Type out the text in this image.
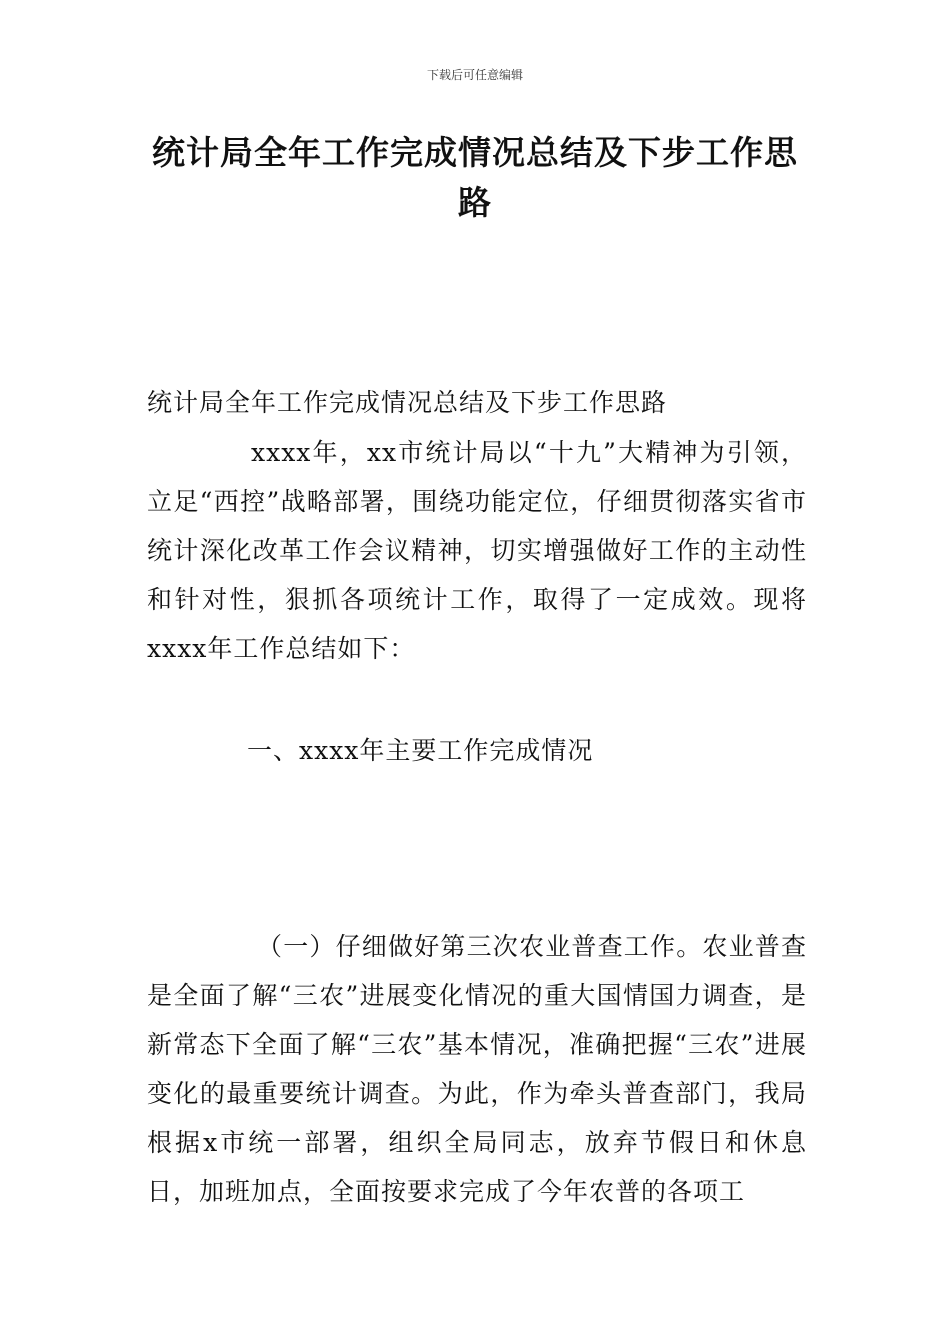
下载后可任意编辑
统计局全年工作完成情况总结及下步工作思路
统计局全年工作完成情况总结及下步工作思路
xxxx年，xx市统计局以“十九”大精神为引领，立足“西控”战略部署，围绕功能定位，仔细贯彻落实省市统计深化改革工作会议精神，切实增强做好工作的主动性和针对性，狠抓各项统计工作，取得了一定成效。现将xxxx年工作总结如下：
一、xxxx年主要工作完成情况
（一）仔细做好第三次农业普查工作。农业普查是全面了解“三农”进展变化情况的重大国情国力调查，是新常态下全面了解“三农”基本情况，准确把握“三农”进展变化的最重要统计调查。为此，作为牵头普查部门，我局根据x市统一部署，组织全局同志，放弃节假日和休息日，加班加点，全面按要求完成了今年农普的各项工
